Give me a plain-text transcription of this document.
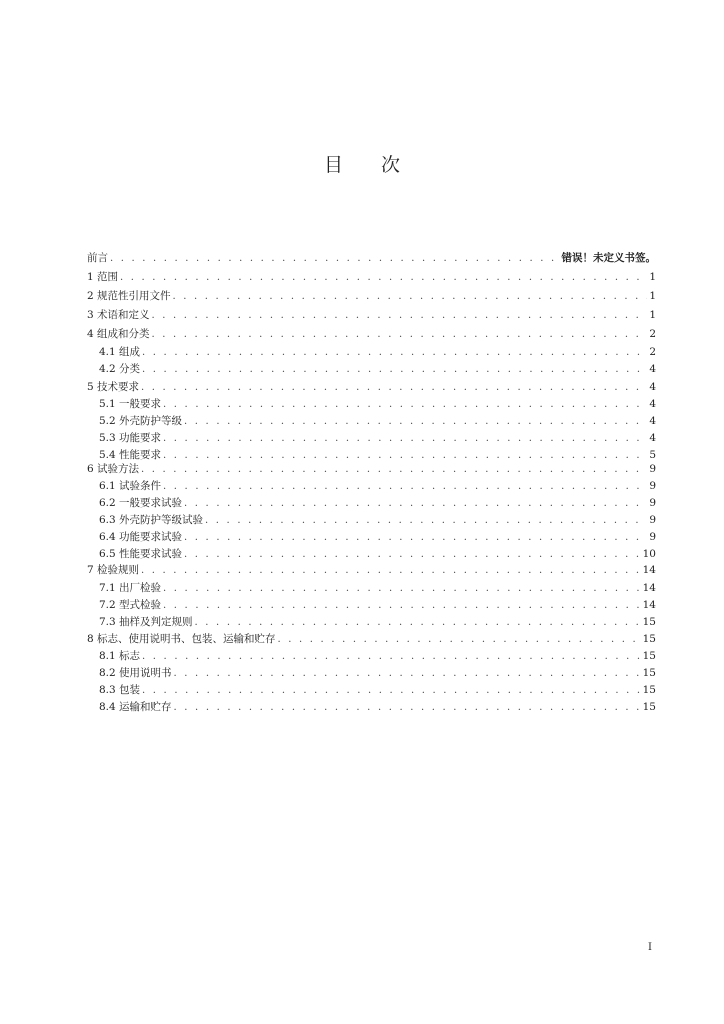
目 次
前言 . . .	错误！未定义书签。
1 范围 . . .	1
2 规范性引用文件 . . .	1
3 术语和定义 . . .	1
4 组成和分类 . . .	2
4.1 组成 . . .	2
4.2 分类 . . .	4
5 技术要求 . . .	4
5.1 一般要求 . . .	4
5.2 外壳防护等级 . . .	4
5.3 功能要求 . . .	4
5.4 性能要求 . . .	5
6 试验方法 . . .	9
6.1 试验条件 . . .	9
6.2 一般要求试验 . . .	9
6.3 外壳防护等级试验 . . .	9
6.4 功能要求试验 . . .	9
6.5 性能要求试验 . . .	10
7 检验规则 . . .	14
7.1 出厂检验 . . .	14
7.2 型式检验 . . .	14
7.3 抽样及判定规则 . . .	15
8 标志、使用说明书、包装、运输和贮存 . . .	15
8.1 标志 . . .	15
8.2 使用说明书 . . .	15
8.3 包装 . . .	15
8.4 运输和贮存 . . .	15
I
